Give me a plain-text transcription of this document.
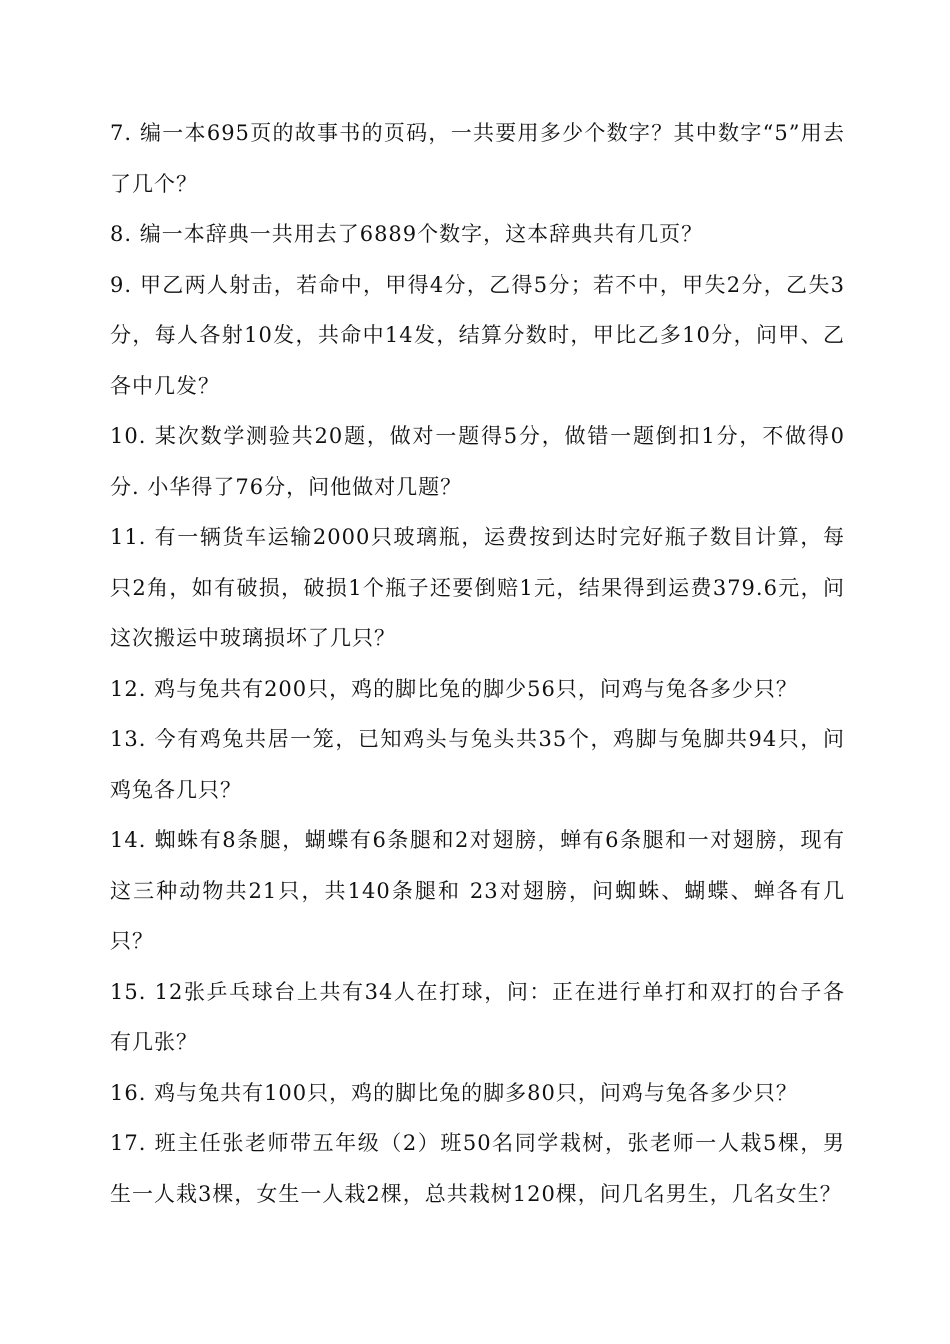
7. 编一本695页的故事书的页码，一共要用多少个数字？其中数字“5”用去了几个？

8. 编一本辞典一共用去了6889个数字，这本辞典共有几页？

9. 甲乙两人射击，若命中，甲得4分，乙得5分；若不中，甲失2分，乙失3分，每人各射10发，共命中14发，结算分数时，甲比乙多10分，问甲、乙各中几发？

10. 某次数学测验共20题，做对一题得5分，做错一题倒扣1分，不做得0分. 小华得了76分，问他做对几题？

11. 有一辆货车运输2000只玻璃瓶，运费按到达时完好瓶子数目计算，每只2角，如有破损，破损1个瓶子还要倒赔1元，结果得到运费379.6元，问这次搬运中玻璃损坏了几只？

12. 鸡与兔共有200只，鸡的脚比兔的脚少56只，问鸡与兔各多少只？

13. 今有鸡兔共居一笼，已知鸡头与兔头共35个，鸡脚与兔脚共94只，问鸡兔各几只？

14. 蜘蛛有8条腿，蝴蝶有6条腿和2对翅膀，蝉有6条腿和一对翅膀，现有这三种动物共21只，共140条腿和 23对翅膀，问蜘蛛、蝴蝶、蝉各有几只？

15. 12张乒乓球台上共有34人在打球，问：正在进行单打和双打的台子各有几张？

16. 鸡与兔共有100只，鸡的脚比兔的脚多80只，问鸡与兔各多少只？

17. 班主任张老师带五年级（2）班50名同学栽树，张老师一人栽5棵，男生一人栽3棵，女生一人栽2棵，总共栽树120棵，问几名男生，几名女生？
